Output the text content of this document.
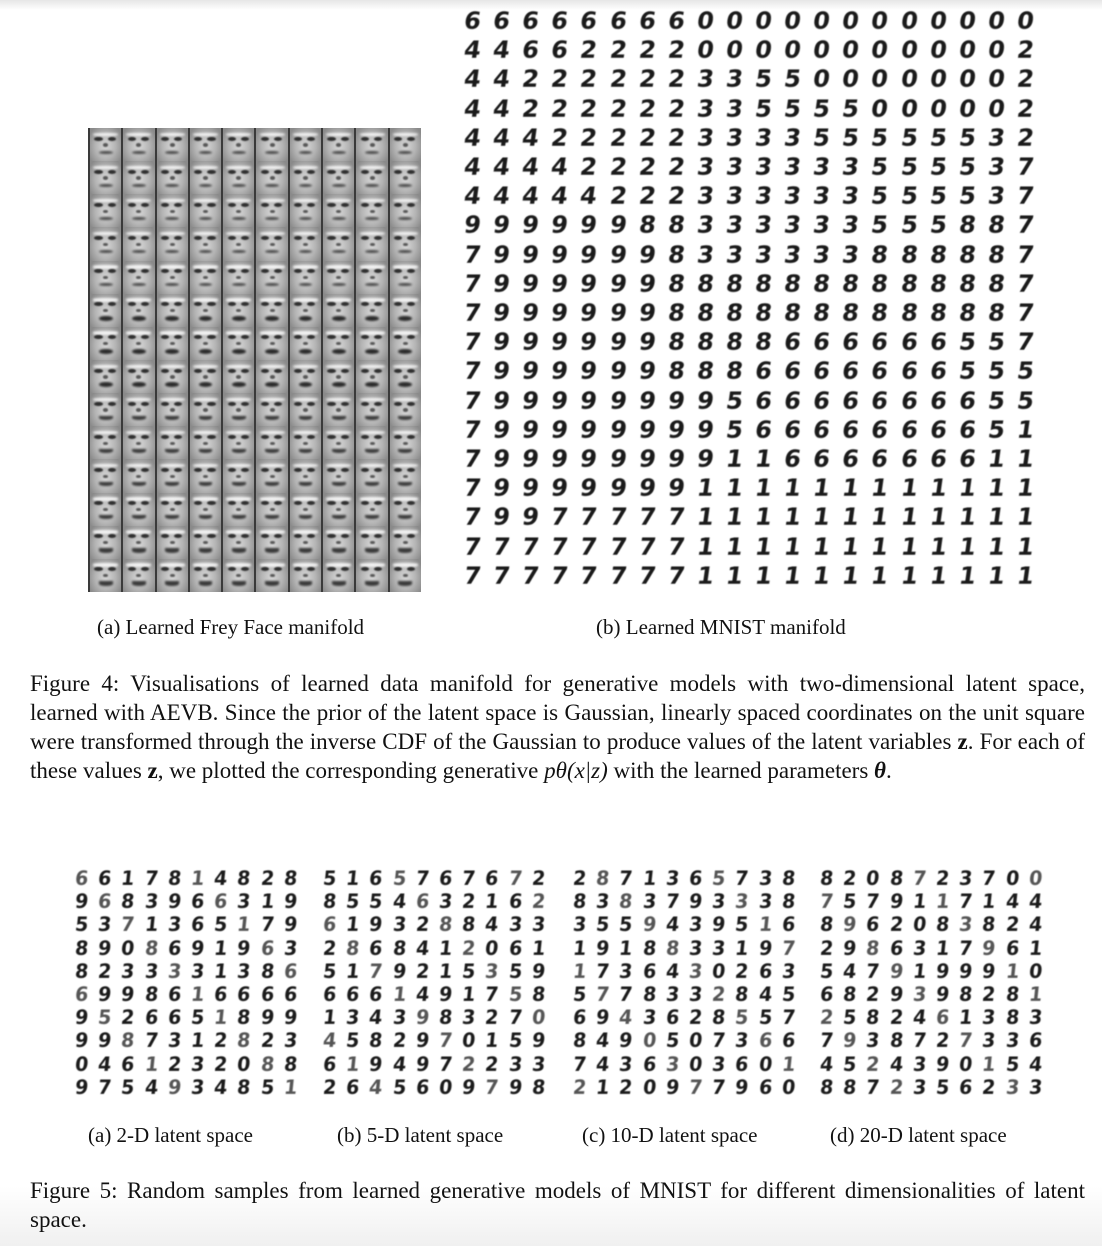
(a) Learned Frey Face manifold
6 6 6 6 6 6 6 6 0 0 0 0 0 0 0 0 0 0 0 0
4 4 6 6 2 2 2 2 0 0 0 0 0 0 0 0 0 0 0 2
4 4 2 2 2 2 2 2 3 3 5 5 0 0 0 0 0 0 0 2
4 4 2 2 2 2 2 2 3 3 5 5 5 5 0 0 0 0 0 2
4 4 4 2 2 2 2 2 3 3 3 3 5 5 5 5 5 5 3 2
4 4 4 4 2 2 2 2 3 3 3 3 3 3 5 5 5 5 3 7
4 4 4 4 4 2 2 2 3 3 3 3 3 3 5 5 5 5 3 7
9 9 9 9 9 9 8 8 3 3 3 3 3 3 5 5 5 8 8 7
7 9 9 9 9 9 9 8 3 3 3 3 3 3 8 8 8 8 8 7
7 9 9 9 9 9 9 8 8 8 8 8 8 8 8 8 8 8 8 7
7 9 9 9 9 9 9 8 8 8 8 8 8 8 8 8 8 8 8 7
7 9 9 9 9 9 9 8 8 8 8 6 6 6 6 6 6 5 5 7
7 9 9 9 9 9 9 8 8 8 6 6 6 6 6 6 6 5 5 5
7 9 9 9 9 9 9 9 9 5 6 6 6 6 6 6 6 6 5 5
7 9 9 9 9 9 9 9 9 5 6 6 6 6 6 6 6 6 5 1
7 9 9 9 9 9 9 9 9 1 1 6 6 6 6 6 6 6 1 1
7 9 9 9 9 9 9 9 1 1 1 1 1 1 1 1 1 1 1 1
7 9 9 7 7 7 7 7 1 1 1 1 1 1 1 1 1 1 1 1
7 7 7 7 7 7 7 7 1 1 1 1 1 1 1 1 1 1 1 1
7 7 7 7 7 7 7 7 1 1 1 1 1 1 1 1 1 1 1 1
(b) Learned MNIST manifold
Figure 4: Visualisations of learned data manifold for generative models with two-dimensional latent space, learned with AEVB. Since the prior of the latent space is Gaussian, linearly spaced coordinates on the unit square were transformed through the inverse CDF of the Gaussian to produce values of the latent variables z. For each of these values z, we plotted the corresponding generative pθ(x|z) with the learned parameters θ.
6 6 1 7 8 1 4 8 2 8
9 6 8 3 9 6 6 3 1 9
5 3 7 1 3 6 5 1 7 9
8 9 0 8 6 9 1 9 6 3
8 2 3 3 3 3 1 3 8 6
6 9 9 8 6 1 6 6 6 6
9 5 2 6 6 5 1 8 9 9
9 9 8 7 3 1 2 8 2 3
0 4 6 1 2 3 2 0 8 8
9 7 5 4 9 3 4 8 5 1
5 1 6 5 7 6 7 6 7 2
8 5 5 4 6 3 2 1 6 2
6 1 9 3 2 8 8 4 3 3
2 8 6 8 4 1 2 0 6 1
5 1 7 9 2 1 5 3 5 9
6 6 6 1 4 9 1 7 5 8
1 3 4 3 9 8 3 2 7 0
4 5 8 2 9 7 0 1 5 9
6 1 9 4 9 7 2 2 3 3
2 6 4 5 6 0 9 7 9 8
2 8 7 1 3 6 5 7 3 8
8 3 8 3 7 9 3 3 3 8
3 5 5 9 4 3 9 5 1 6
1 9 1 8 8 3 3 1 9 7
1 7 3 6 4 3 0 2 6 3
5 7 7 8 3 3 2 8 4 5
6 9 4 3 6 2 8 5 5 7
8 4 9 0 5 0 7 3 6 6
7 4 3 6 3 0 3 6 0 1
2 1 2 0 9 7 7 9 6 0
8 2 0 8 7 2 3 7 0 0
7 5 7 9 1 1 7 1 4 4
8 9 6 2 0 8 3 8 2 4
2 9 8 6 3 1 7 9 6 1
5 4 7 9 1 9 9 9 1 0
6 8 2 9 3 9 8 2 8 1
2 5 8 2 4 6 1 3 8 3
7 9 3 8 7 2 7 3 3 6
4 5 2 4 3 9 0 1 5 4
8 8 7 2 3 5 6 2 3 3
(a) 2-D latent space	(b) 5-D latent space	(c) 10-D latent space	(d) 20-D latent space
Figure 5: Random samples from learned generative models of MNIST for different dimensionalities of latent space.
